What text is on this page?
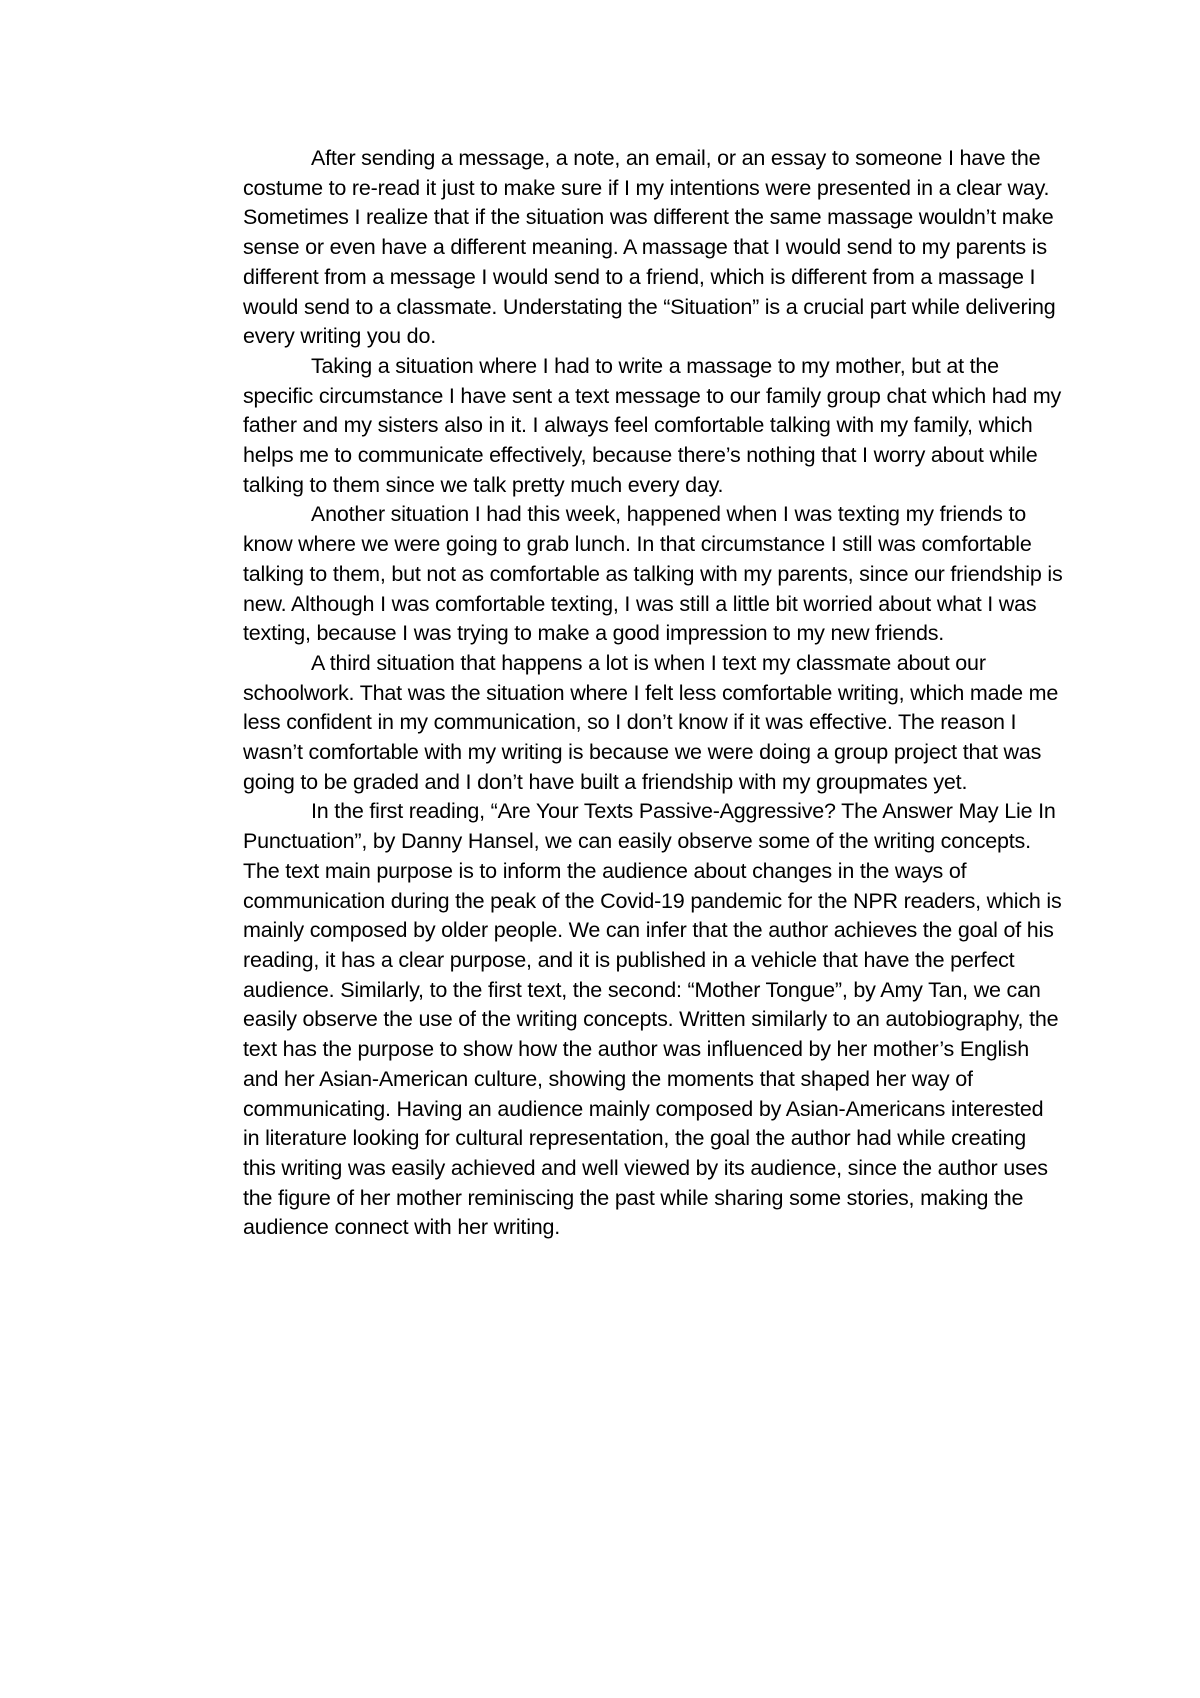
After sending a message, a note, an email, or an essay to someone I have the costume to re-read it just to make sure if I my intentions were presented in a clear way. Sometimes I realize that if the situation was different the same massage wouldn’t make sense or even have a different meaning. A massage that I would send to my parents is different from a message I would send to a friend, which is different from a massage I would send to a classmate. Understating the “Situation” is a crucial part while delivering every writing you do.

Taking a situation where I had to write a massage to my mother, but at the specific circumstance I have sent a text message to our family group chat which had my father and my sisters also in it. I always feel comfortable talking with my family, which helps me to communicate effectively, because there’s nothing that I worry about while talking to them since we talk pretty much every day.

Another situation I had this week, happened when I was texting my friends to know where we were going to grab lunch. In that circumstance I still was comfortable talking to them, but not as comfortable as talking with my parents, since our friendship is new. Although I was comfortable texting, I was still a little bit worried about what I was texting, because I was trying to make a good impression to my new friends.

A third situation that happens a lot is when I text my classmate about our schoolwork. That was the situation where I felt less comfortable writing, which made me less confident in my communication, so I don’t know if it was effective. The reason I wasn’t comfortable with my writing is because we were doing a group project that was going to be graded and I don’t have built a friendship with my groupmates yet.

In the first reading, “Are Your Texts Passive-Aggressive? The Answer May Lie In Punctuation”, by Danny Hansel, we can easily observe some of the writing concepts. The text main purpose is to inform the audience about changes in the ways of communication during the peak of the Covid-19 pandemic for the NPR readers, which is mainly composed by older people. We can infer that the author achieves the goal of his reading, it has a clear purpose, and it is published in a vehicle that have the perfect audience. Similarly, to the first text, the second: “Mother Tongue”, by Amy Tan, we can easily observe the use of the writing concepts. Written similarly to an autobiography, the text has the purpose to show how the author was influenced by her mother’s English and her Asian-American culture, showing the moments that shaped her way of communicating. Having an audience mainly composed by Asian-Americans interested in literature looking for cultural representation, the goal the author had while creating this writing was easily achieved and well viewed by its audience, since the author uses the figure of her mother reminiscing the past while sharing some stories, making the audience connect with her writing.
